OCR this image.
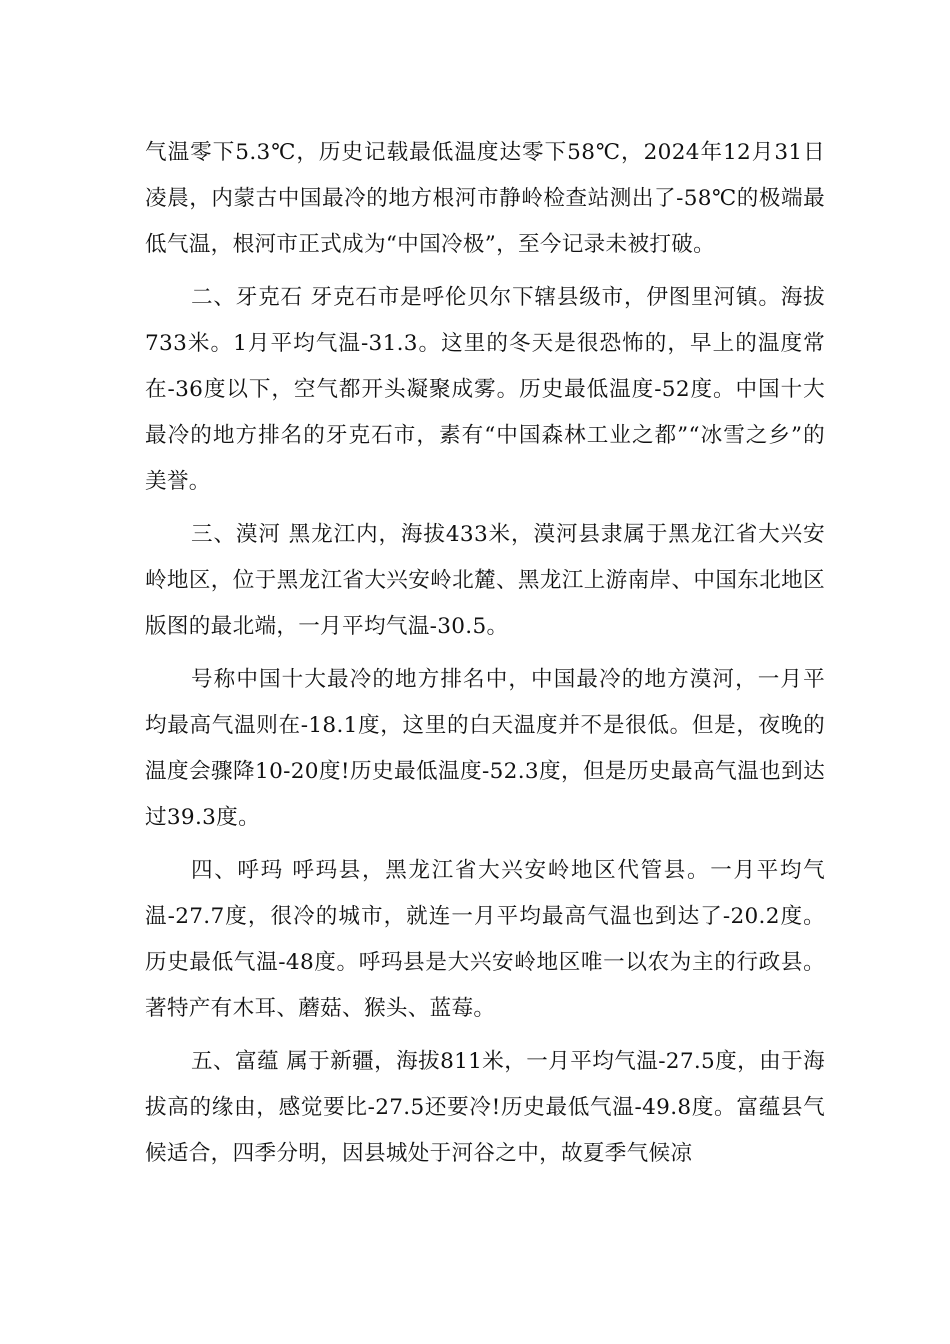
气温零下5.3℃，历史记载最低温度达零下58℃，2024年12月31日凌晨，内蒙古中国最冷的地方根河市静岭检查站测出了-58℃的极端最低气温，根河市正式成为“中国冷极”，至今记录未被打破。

二、牙克石 牙克石市是呼伦贝尔下辖县级市，伊图里河镇。海拔733米。1月平均气温-31.3。这里的冬天是很恐怖的，早上的温度常在-36度以下，空气都开头凝聚成雾。历史最低温度-52度。中国十大最冷的地方排名的牙克石市，素有“中国森林工业之都”“冰雪之乡”的美誉。

三、漠河 黑龙江内，海拔433米，漠河县隶属于黑龙江省大兴安岭地区，位于黑龙江省大兴安岭北麓、黑龙江上游南岸、中国东北地区版图的最北端，一月平均气温-30.5。

号称中国十大最冷的地方排名中，中国最冷的地方漠河，一月平均最高气温则在-18.1度，这里的白天温度并不是很低。但是，夜晚的温度会骤降10-20度!历史最低温度-52.3度，但是历史最高气温也到达过39.3度。

四、呼玛 呼玛县，黑龙江省大兴安岭地区代管县。一月平均气温-27.7度，很冷的城市，就连一月平均最高气温也到达了-20.2度。历史最低气温-48度。呼玛县是大兴安岭地区唯一以农为主的行政县。著特产有木耳、蘑菇、猴头、蓝莓。

五、富蕴 属于新疆，海拔811米，一月平均气温-27.5度，由于海拔高的缘由，感觉要比-27.5还要冷!历史最低气温-49.8度。富蕴县气候适合，四季分明，因县城处于河谷之中，故夏季气候凉
